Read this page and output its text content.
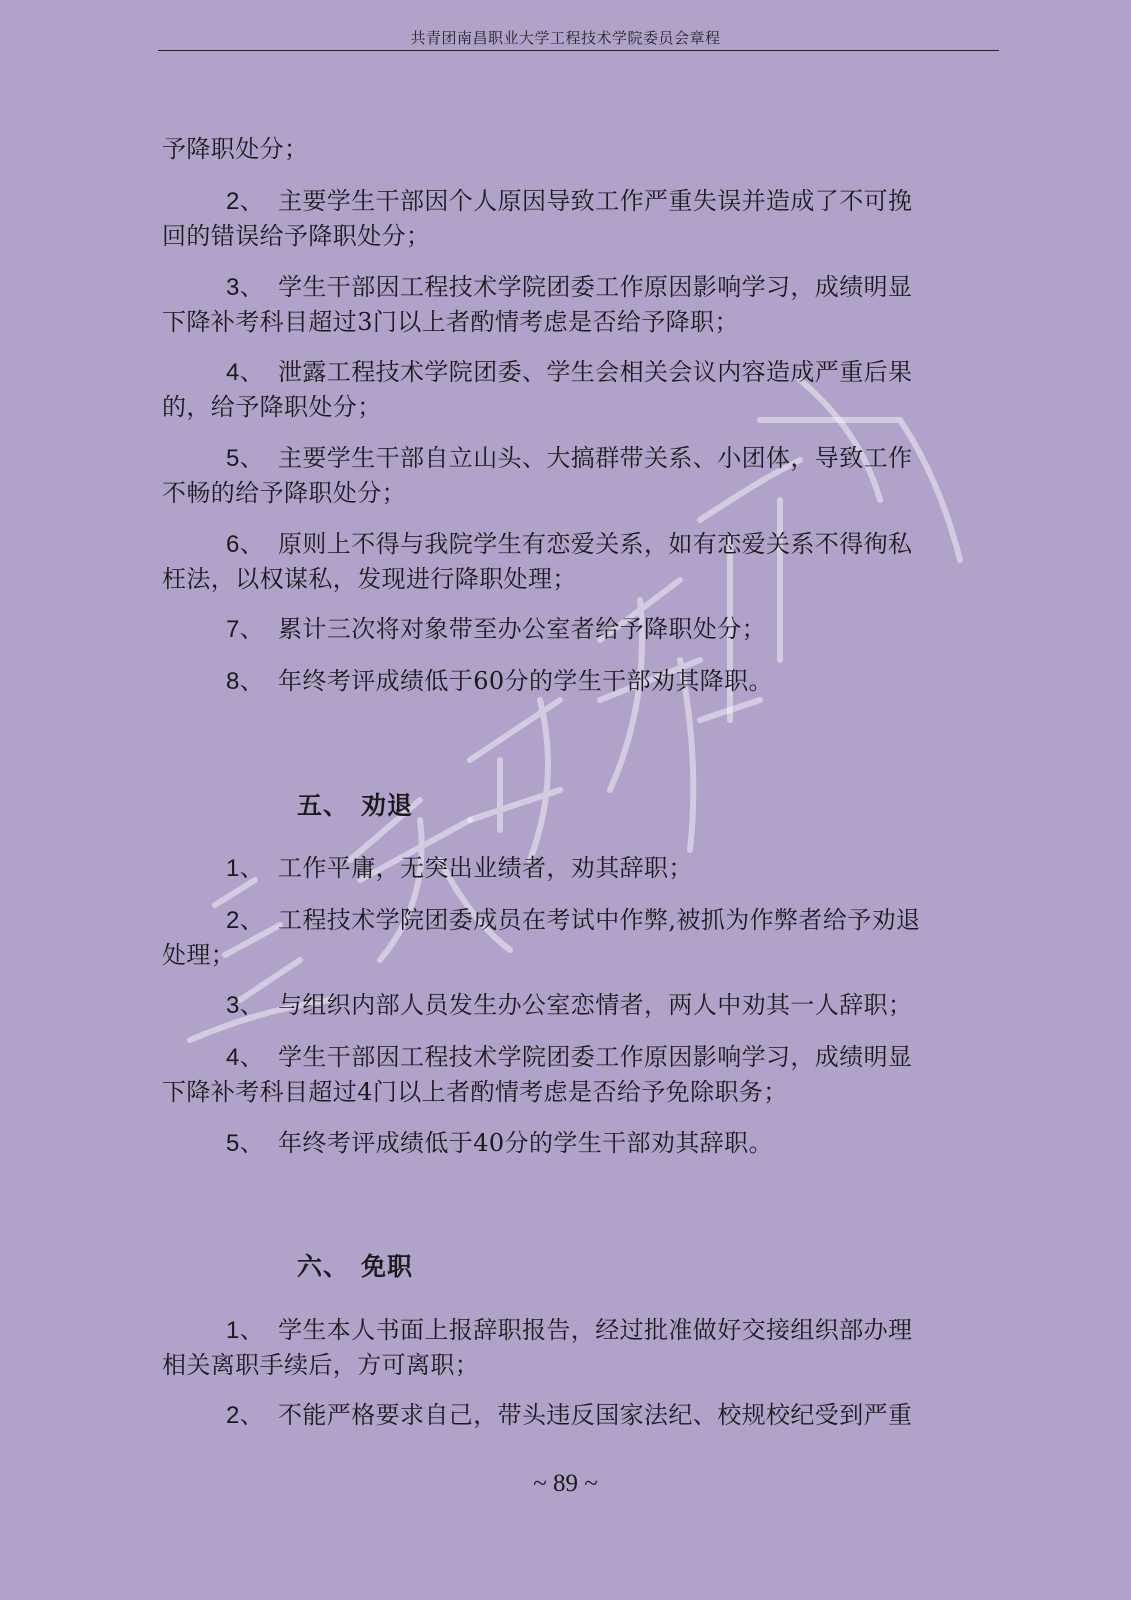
共青团南昌职业大学工程技术学院委员会章程
予降职处分；
2、 主要学生干部因个人原因导致工作严重失误并造成了不可挽
回的错误给予降职处分；
3、 学生干部因工程技术学院团委工作原因影响学习，成绩明显
下降补考科目超过3门以上者酌情考虑是否给予降职；
4、 泄露工程技术学院团委、学生会相关会议内容造成严重后果
的，给予降职处分；
5、 主要学生干部自立山头、大搞群带关系、小团体，导致工作
不畅的给予降职处分；
6、 原则上不得与我院学生有恋爱关系，如有恋爱关系不得徇私
枉法，以权谋私，发现进行降职处理；
7、 累计三次将对象带至办公室者给予降职处分；
8、 年终考评成绩低于60分的学生干部劝其降职。
五、 劝退
1、 工作平庸，无突出业绩者，劝其辞职；
2、 工程技术学院团委成员在考试中作弊,被抓为作弊者给予劝退
处理；
3、 与组织内部人员发生办公室恋情者，两人中劝其一人辞职；
4、 学生干部因工程技术学院团委工作原因影响学习，成绩明显
下降补考科目超过4门以上者酌情考虑是否给予免除职务；
5、 年终考评成绩低于40分的学生干部劝其辞职。
六、 免职
1、 学生本人书面上报辞职报告，经过批准做好交接组织部办理
相关离职手续后，方可离职；
2、 不能严格要求自己，带头违反国家法纪、校规校纪受到严重
~ 89 ~
